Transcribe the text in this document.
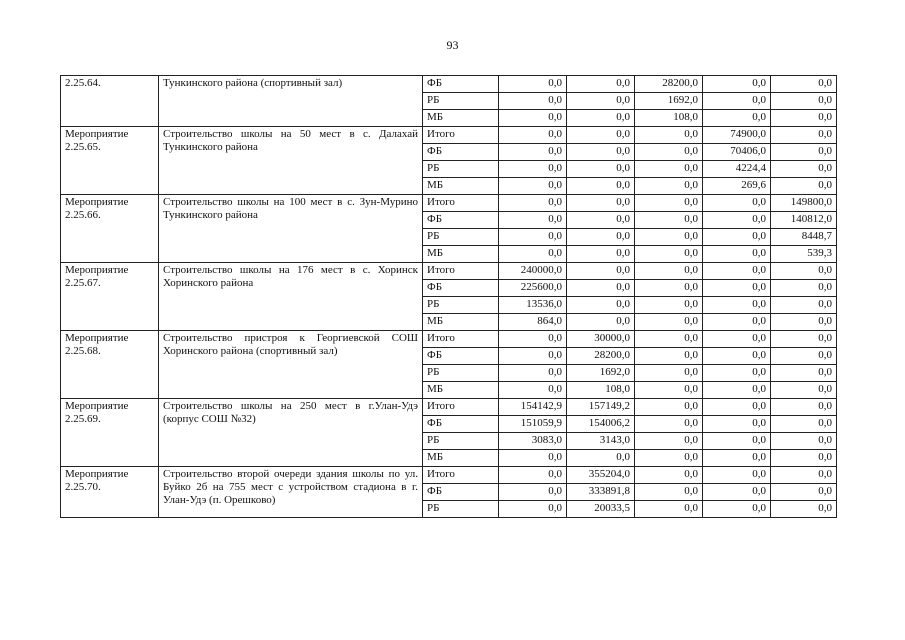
93
2.25.64.	Тункинского района (спортивный зал)	ФБ	0,0	0,0	28200,0	0,0	0,0
		РБ	0,0	0,0	1692,0	0,0	0,0
		МБ	0,0	0,0	108,0	0,0	0,0
Мероприятие 2.25.65.	Строительство школы на 50 мест в с. Далахай Тункинского района	Итого	0,0	0,0	0,0	74900,0	0,0
		ФБ	0,0	0,0	0,0	70406,0	0,0
		РБ	0,0	0,0	0,0	4224,4	0,0
		МБ	0,0	0,0	0,0	269,6	0,0
Мероприятие 2.25.66.	Строительство школы на 100 мест в с. Зун-Мурино Тункинского района	Итого	0,0	0,0	0,0	0,0	149800,0
		ФБ	0,0	0,0	0,0	0,0	140812,0
		РБ	0,0	0,0	0,0	0,0	8448,7
		МБ	0,0	0,0	0,0	0,0	539,3
Мероприятие 2.25.67.	Строительство школы на 176 мест в с. Хоринск Хоринского района	Итого	240000,0	0,0	0,0	0,0	0,0
		ФБ	225600,0	0,0	0,0	0,0	0,0
		РБ	13536,0	0,0	0,0	0,0	0,0
		МБ	864,0	0,0	0,0	0,0	0,0
Мероприятие 2.25.68.	Строительство пристроя к Георгиевской СОШ Хоринского района (спортивный зал)	Итого	0,0	30000,0	0,0	0,0	0,0
		ФБ	0,0	28200,0	0,0	0,0	0,0
		РБ	0,0	1692,0	0,0	0,0	0,0
		МБ	0,0	108,0	0,0	0,0	0,0
Мероприятие 2.25.69.	Строительство школы на 250 мест в г.Улан-Удэ (корпус СОШ №32)	Итого	154142,9	157149,2	0,0	0,0	0,0
		ФБ	151059,9	154006,2	0,0	0,0	0,0
		РБ	3083,0	3143,0	0,0	0,0	0,0
		МБ	0,0	0,0	0,0	0,0	0,0
Мероприятие 2.25.70.	Строительство второй очереди здания школы по ул. Буйко 2б на 755 мест с устройством стадиона в г. Улан-Удэ (п. Орешково)	Итого	0,0	355204,0	0,0	0,0	0,0
		ФБ	0,0	333891,8	0,0	0,0	0,0
		РБ	0,0	20033,5	0,0	0,0	0,0
